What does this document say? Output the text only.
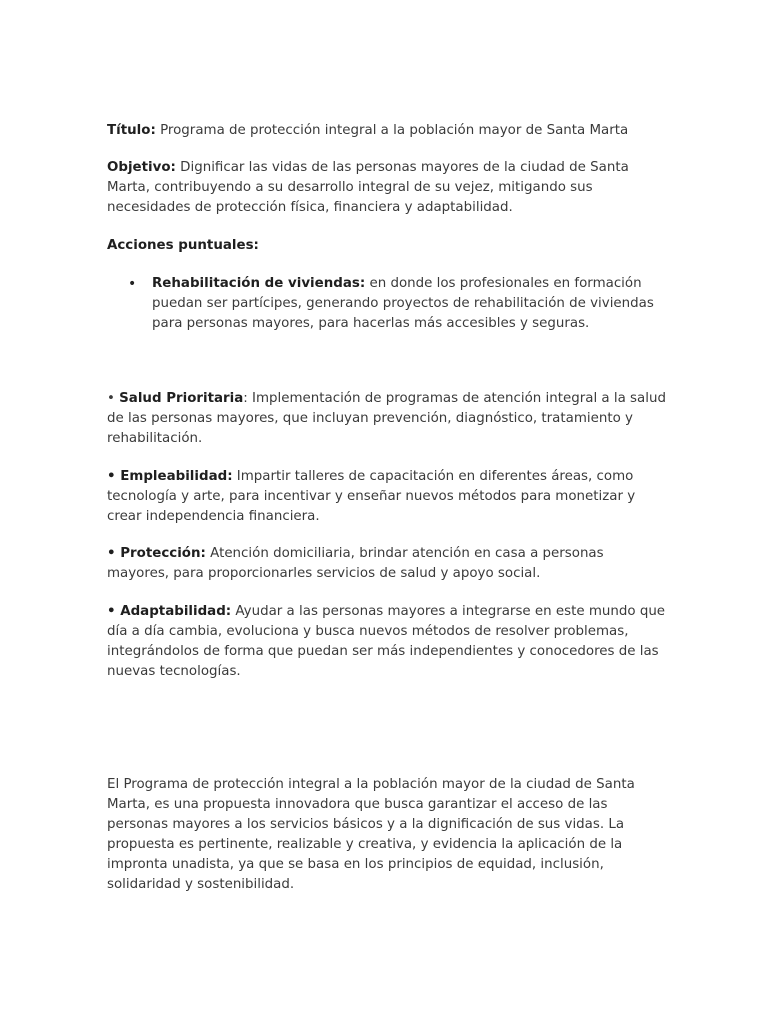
Título: Programa de protección integral a la población mayor de Santa Marta

Objetivo: Dignificar las vidas de las personas mayores de la ciudad de Santa Marta, contribuyendo a su desarrollo integral de su vejez, mitigando sus necesidades de protección física, financiera y adaptabilidad.

Acciones puntuales:

• Rehabilitación de viviendas: en donde los profesionales en formación puedan ser partícipes, generando proyectos de rehabilitación de viviendas para personas mayores, para hacerlas más accesibles y seguras.

• Salud Prioritaria: Implementación de programas de atención integral a la salud de las personas mayores, que incluyan prevención, diagnóstico, tratamiento y rehabilitación.

• Empleabilidad: Impartir talleres de capacitación en diferentes áreas, como tecnología y arte, para incentivar y enseñar nuevos métodos para monetizar y crear independencia financiera.

• Protección: Atención domiciliaria, brindar atención en casa a personas mayores, para proporcionarles servicios de salud y apoyo social.

• Adaptabilidad: Ayudar a las personas mayores a integrarse en este mundo que día a día cambia, evoluciona y busca nuevos métodos de resolver problemas, integrándolos de forma que puedan ser más independientes y conocedores de las nuevas tecnologías.

El Programa de protección integral a la población mayor de la ciudad de Santa Marta, es una propuesta innovadora que busca garantizar el acceso de las personas mayores a los servicios básicos y a la dignificación de sus vidas. La propuesta es pertinente, realizable y creativa, y evidencia la aplicación de la impronta unadista, ya que se basa en los principios de equidad, inclusión, solidaridad y sostenibilidad.
